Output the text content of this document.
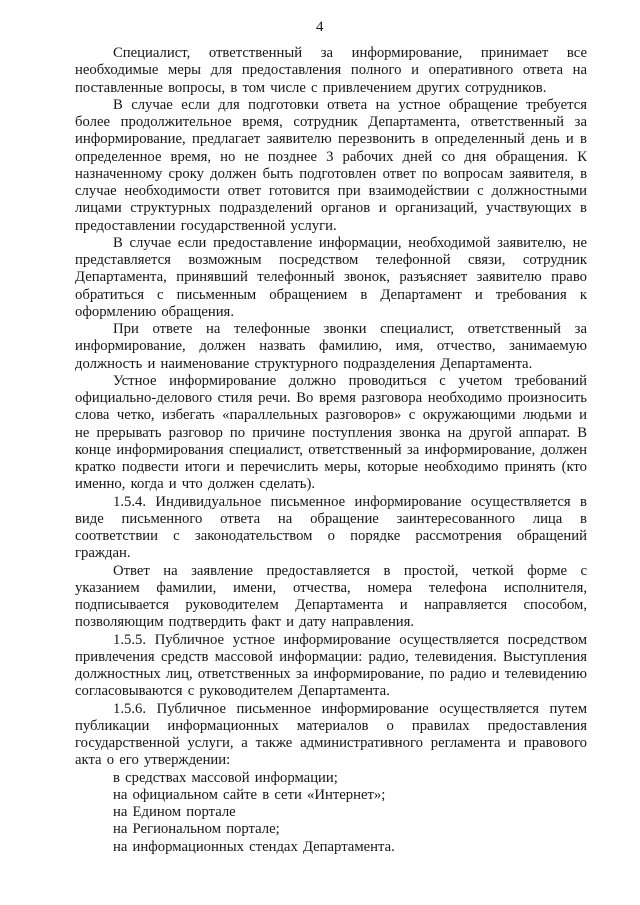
4

Специалист, ответственный за информирование, принимает все необходимые меры для предоставления полного и оперативного ответа на поставленные вопросы, в том числе с привлечением других сотрудников.

В случае если для подготовки ответа на устное обращение требуется более продолжительное время, сотрудник Департамента, ответственный за информирование, предлагает заявителю перезвонить в определенный день и в определенное время, но не позднее 3 рабочих дней со дня обращения. К назначенному сроку должен быть подготовлен ответ по вопросам заявителя, в случае необходимости ответ готовится при взаимодействии с должностными лицами структурных подразделений органов и организаций, участвующих в предоставлении государственной услуги.

В случае если предоставление информации, необходимой заявителю, не представляется возможным посредством телефонной связи, сотрудник Департамента, принявший телефонный звонок, разъясняет заявителю право обратиться с письменным обращением в Департамент и требования к оформлению обращения.

При ответе на телефонные звонки специалист, ответственный за информирование, должен назвать фамилию, имя, отчество, занимаемую должность и наименование структурного подразделения Департамента.

Устное информирование должно проводиться с учетом требований официально-делового стиля речи. Во время разговора необходимо произносить слова четко, избегать «параллельных разговоров» с окружающими людьми и не прерывать разговор по причине поступления звонка на другой аппарат. В конце информирования специалист, ответственный за информирование, должен кратко подвести итоги и перечислить меры, которые необходимо принять (кто именно, когда и что должен сделать).

1.5.4. Индивидуальное письменное информирование осуществляется в виде письменного ответа на обращение заинтересованного лица в соответствии с законодательством о порядке рассмотрения обращений граждан.

Ответ на заявление предоставляется в простой, четкой форме с указанием фамилии, имени, отчества, номера телефона исполнителя, подписывается руководителем Департамента и направляется способом, позволяющим подтвердить факт и дату направления.

1.5.5. Публичное устное информирование осуществляется посредством привлечения средств массовой информации: радио, телевидения. Выступления должностных лиц, ответственных за информирование, по радио и телевидению согласовываются с руководителем Департамента.

1.5.6. Публичное письменное информирование осуществляется путем публикации информационных материалов о правилах предоставления государственной услуги, а также административного регламента и правового акта о его утверждении:

в средствах массовой информации;

на официальном сайте в сети «Интернет»;

на Едином портале

на Региональном портале;

на информационных стендах Департамента.
